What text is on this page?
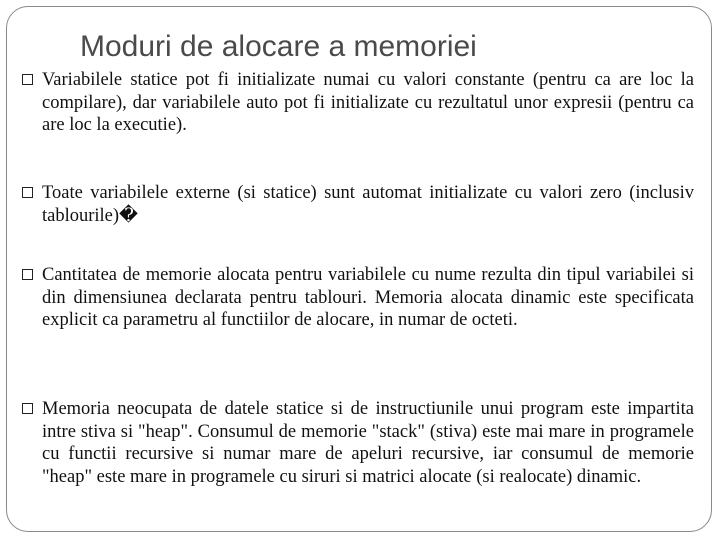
Moduri de alocare a memoriei
Variabilele statice pot fi initializate numai cu valori constante (pentru ca are loc la compilare), dar variabilele auto pot fi initializate cu rezultatul unor expresii (pentru ca are loc la executie).
Toate variabilele externe (si statice) sunt automat initializate cu valori zero (inclusiv tablourile)�
Cantitatea de memorie alocata pentru variabilele cu nume rezulta din tipul variabilei si din dimensiunea declarata pentru tablouri. Memoria alocata dinamic este specificata explicit ca parametru al functiilor de alocare, in numar de octeti.
Memoria neocupata de datele statice si de instructiunile unui program este impartita intre stiva si "heap". Consumul de memorie "stack" (stiva) este mai mare in programele cu functii recursive si numar mare de apeluri recursive, iar consumul de memorie "heap" este mare in programele cu siruri si matrici alocate (si realocate) dinamic.
